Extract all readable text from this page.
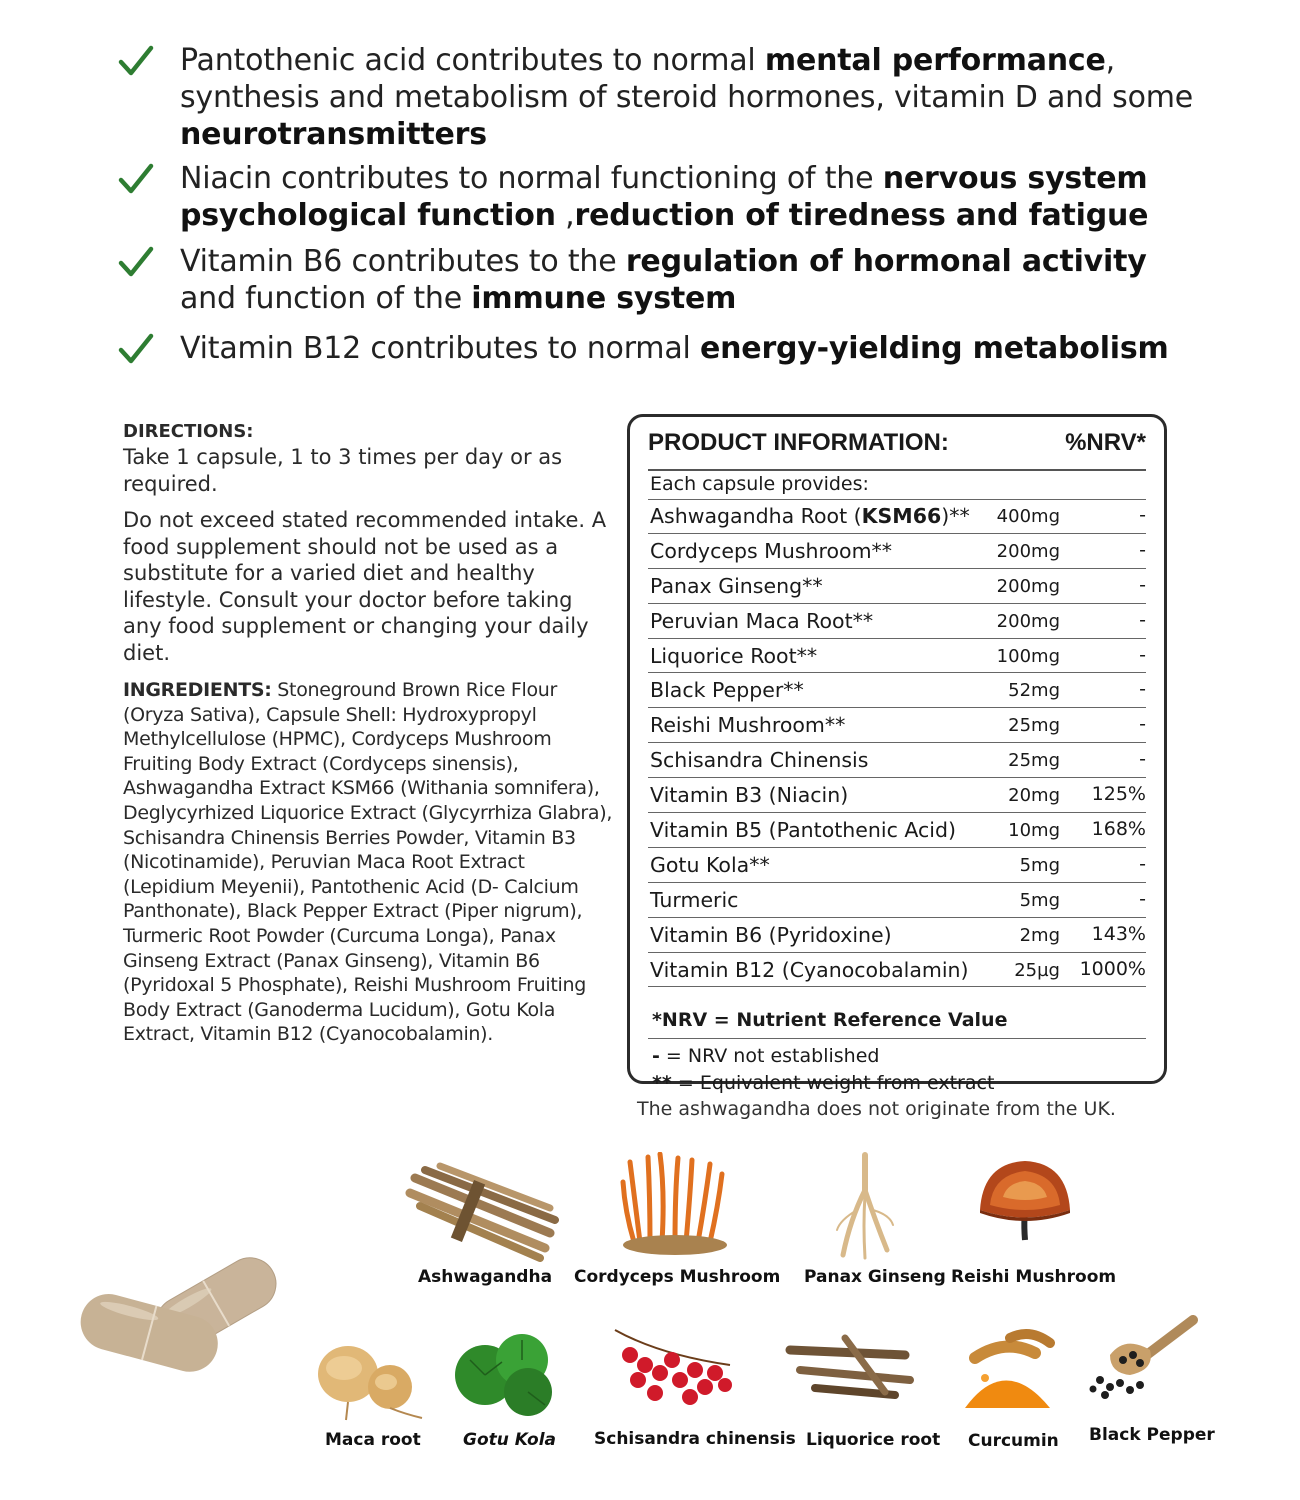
Pantothenic acid contributes to normal mental performance, synthesis and metabolism of steroid hormones, vitamin D and some neurotransmitters
Niacin contributes to normal functioning of the nervous system psychological function ,reduction of tiredness and fatigue
Vitamin B6 contributes to the regulation of hormonal activity and function of the immune system
Vitamin B12 contributes to normal energy-yielding metabolism
DIRECTIONS:

Take 1 capsule, 1 to 3 times per day or as required.

Do not exceed stated recommended intake. A food supplement should not be used as a substitute for a varied diet and healthy lifestyle. Consult your doctor before taking any food supplement or changing your daily diet.

INGREDIENTS: Stoneground Brown Rice Flour (Oryza Sativa), Capsule Shell: Hydroxypropyl Methylcellulose (HPMC), Cordyceps Mushroom Fruiting Body Extract (Cordyceps sinensis), Ashwagandha Extract KSM66 (Withania somnifera), Deglycyrhized Liquorice Extract (Glycyrrhiza Glabra), Schisandra Chinensis Berries Powder, Vitamin B3 (Nicotinamide), Peruvian Maca Root Extract (Lepidium Meyenii), Pantothenic Acid (D- Calcium Panthonate), Black Pepper Extract (Piper nigrum), Turmeric Root Powder (Curcuma Longa), Panax Ginseng Extract (Panax Ginseng), Vitamin B6 (Pyridoxal 5 Phosphate), Reishi Mushroom Fruiting Body Extract (Ganoderma Lucidum), Gotu Kola Extract, Vitamin B12 (Cyanocobalamin).
PRODUCT INFORMATION:	%NRV*
Each capsule provides:
Ashwagandha Root (KSM66)** 400mg	-
Cordyceps Mushroom**	200mg	-
Panax Ginseng**	200mg	-
Peruvian Maca Root**	200mg	-
Liquorice Root**	100mg	-
Black Pepper**	52mg	-
Reishi Mushroom**	25mg	-
Schisandra Chinensis	25mg	-
Vitamin B3 (Niacin)	20mg 125%
Vitamin B5 (Pantothenic Acid)	10mg 168%
Gotu Kola**	5mg	-
Turmeric	5mg	-
Vitamin B6 (Pyridoxine)	2mg 143%
Vitamin B12 (Cyanocobalamin)	25µg 1000%
*NRV = Nutrient Reference Value
- = NRV not established
** = Equivalent weight from extract
The ashwagandha does not originate from the UK.
Ashwagandha Cordyceps Mushroom Panax Ginseng Reishi Mushroom
Maca root Gotu Kola Schisandra chinensis Liquorice root Curcumin Black Pepper
